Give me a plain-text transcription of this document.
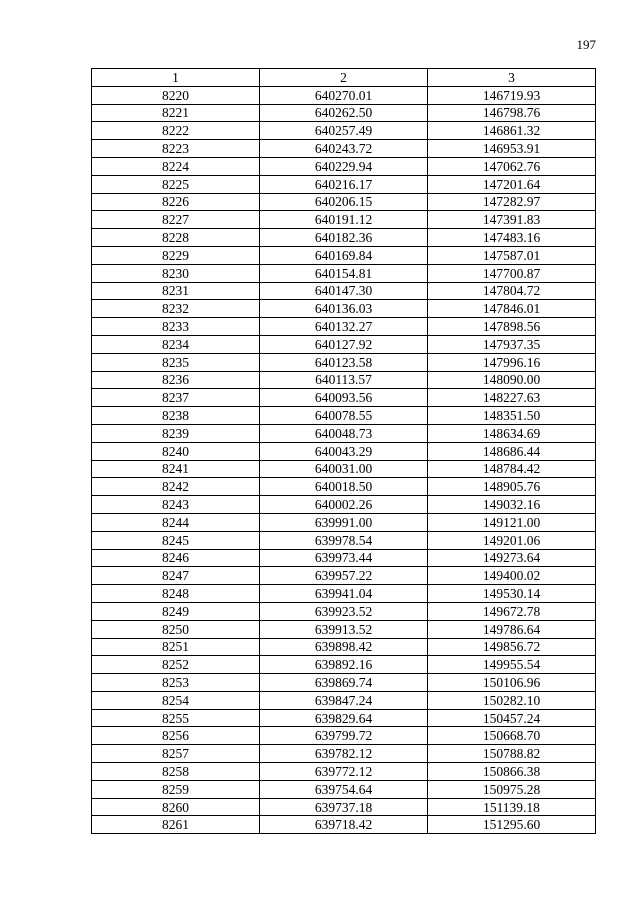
197
1	2	3
8220	640270.01	146719.93
8221	640262.50	146798.76
8222	640257.49	146861.32
8223	640243.72	146953.91
8224	640229.94	147062.76
8225	640216.17	147201.64
8226	640206.15	147282.97
8227	640191.12	147391.83
8228	640182.36	147483.16
8229	640169.84	147587.01
8230	640154.81	147700.87
8231	640147.30	147804.72
8232	640136.03	147846.01
8233	640132.27	147898.56
8234	640127.92	147937.35
8235	640123.58	147996.16
8236	640113.57	148090.00
8237	640093.56	148227.63
8238	640078.55	148351.50
8239	640048.73	148634.69
8240	640043.29	148686.44
8241	640031.00	148784.42
8242	640018.50	148905.76
8243	640002.26	149032.16
8244	639991.00	149121.00
8245	639978.54	149201.06
8246	639973.44	149273.64
8247	639957.22	149400.02
8248	639941.04	149530.14
8249	639923.52	149672.78
8250	639913.52	149786.64
8251	639898.42	149856.72
8252	639892.16	149955.54
8253	639869.74	150106.96
8254	639847.24	150282.10
8255	639829.64	150457.24
8256	639799.72	150668.70
8257	639782.12	150788.82
8258	639772.12	150866.38
8259	639754.64	150975.28
8260	639737.18	151139.18
8261	639718.42	151295.60
